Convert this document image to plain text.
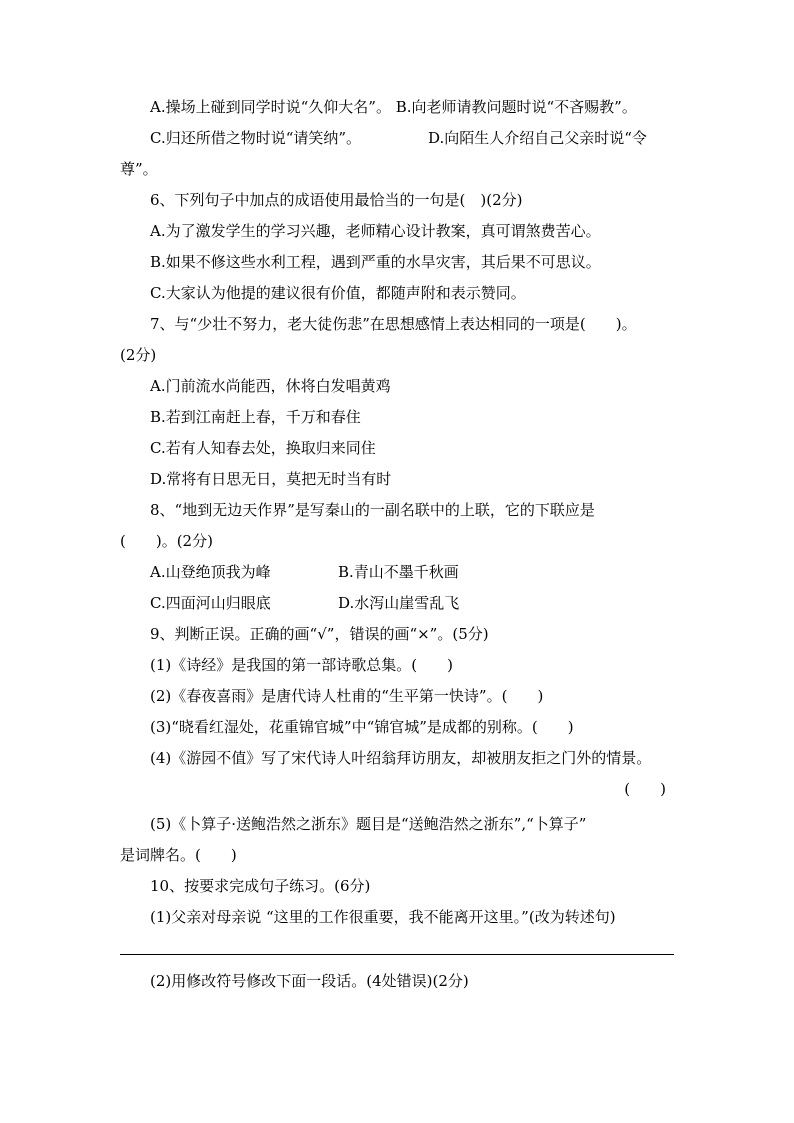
A.操场上碰到同学时说“久仰大名”。 B.向老师请教问题时说“不吝赐教”。
C.归还所借之物时说“请笑纳”。	D.向陌生人介绍自己父亲时说“令
尊”。
6、下列句子中加点的成语使用最恰当的一句是(　)(2分)
A.为了激发学生的学习兴趣，老师精心设计教案，真可谓煞费苦心。
B.如果不修这些水利工程，遇到严重的水旱灾害，其后果不可思议。
C.大家认为他提的建议很有价值，都随声附和表示赞同。
7、与“少壮不努力，老大徒伤悲”在思想感情上表达相同的一项是(　　)。
(2分)
A.门前流水尚能西，休将白发唱黄鸡
B.若到江南赶上春，千万和春住
C.若有人知春去处，换取归来同住
D.常将有日思无日，莫把无时当有时
8、“地到无边天作界”是写秦山的一副名联中的上联，它的下联应是
(　　)。(2分)
A.山登绝顶我为峰	B.青山不墨千秋画
C.四面河山归眼底	D.水泻山崖雪乱飞
9、判断正误。正确的画“√”，错误的画“×”。(5分)
(1)《诗经》是我国的第一部诗歌总集。(　　)
(2)《春夜喜雨》是唐代诗人杜甫的“生平第一快诗”。(　　)
(3)“晓看红湿处，花重锦官城”中“锦官城”是成都的别称。(　　)
(4)《游园不值》写了宋代诗人叶绍翁拜访朋友，却被朋友拒之门外的情景。
(　　)
(5)《卜算子·送鲍浩然之浙东》题目是“送鲍浩然之浙东”,“卜算子”
是词牌名。(　　)
10、按要求完成句子练习。(6分)
(1)父亲对母亲说 “这里的工作很重要，我不能离开这里。”(改为转述句)
(2)用修改符号修改下面一段话。(4处错误)(2分)
